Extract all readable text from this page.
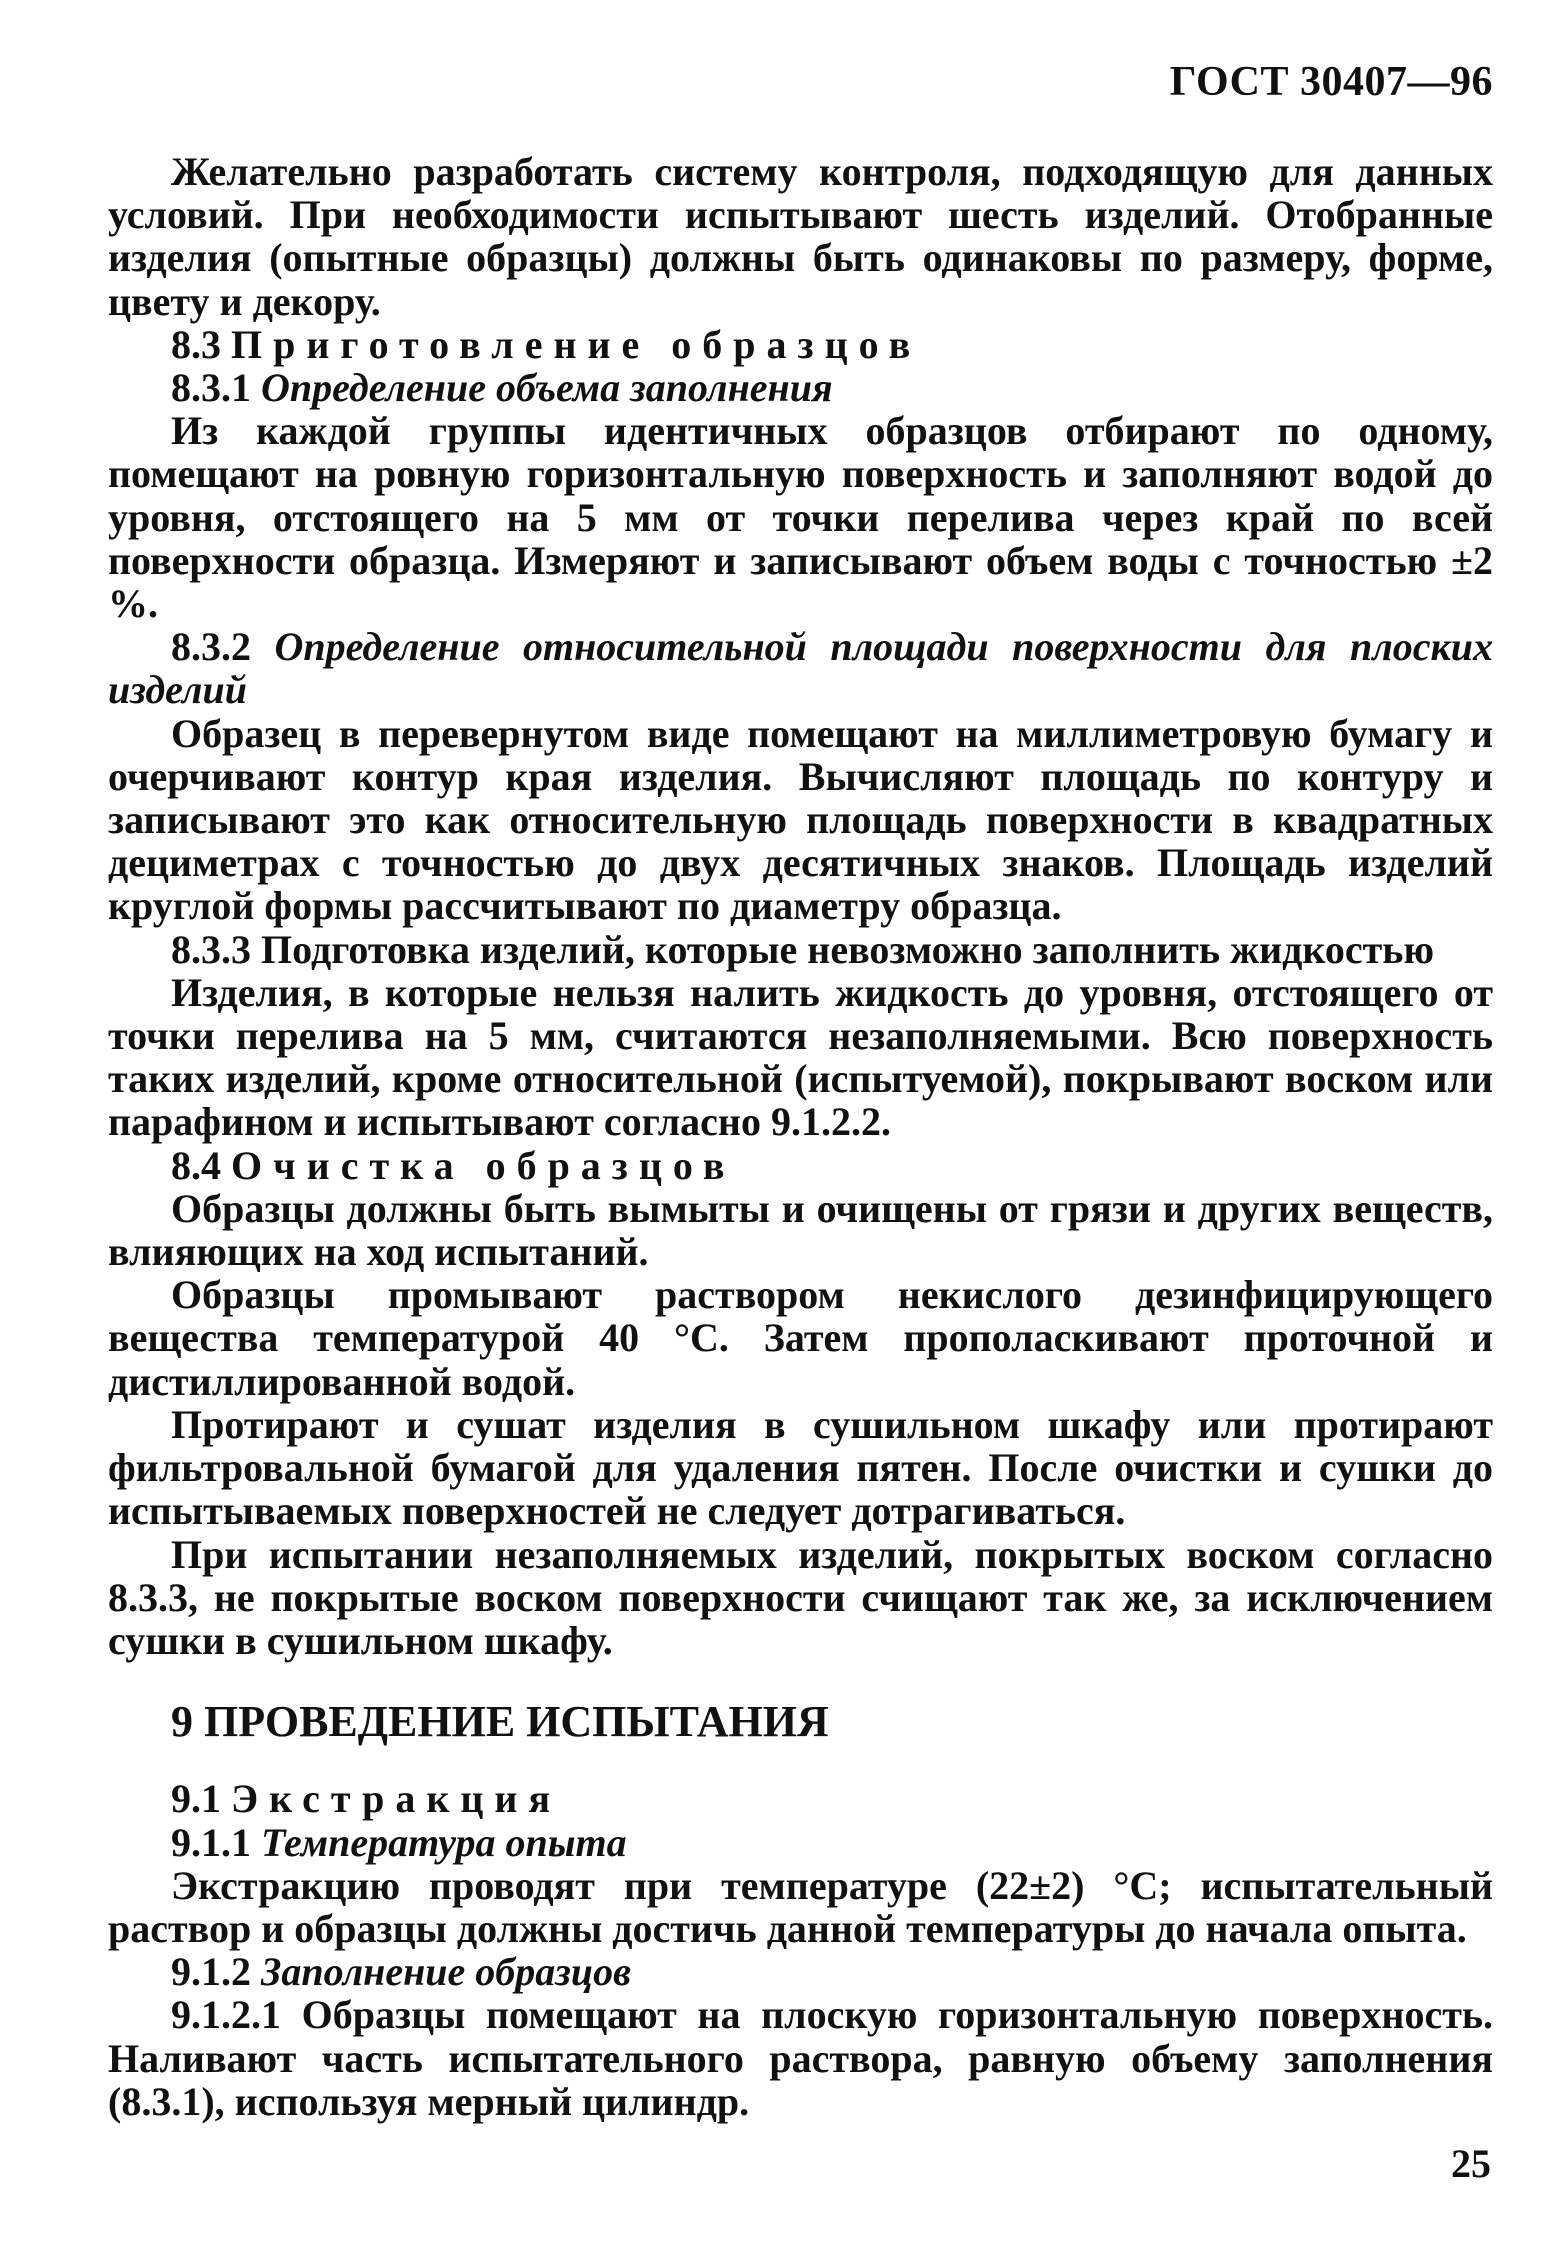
ГОСТ 30407—96

Желательно разработать систему контроля, подходящую для данных условий. При необходимости испытывают шесть изделий. Отобранные изделия (опытные образцы) должны быть одинаковы по размеру, форме, цвету и декору.

8.3 Приготовление образцов

8.3.1 Определение объема заполнения

Из каждой группы идентичных образцов отбирают по одному, помещают на ровную горизонтальную поверхность и заполняют водой до уровня, отстоящего на 5 мм от точки перелива через край по всей поверхности образца. Измеряют и записывают объем воды с точностью ±2 %.

8.3.2 Определение относительной площади поверхности для плоских изделий

Образец в перевернутом виде помещают на миллиметровую бумагу и очерчивают контур края изделия. Вычисляют площадь по контуру и записывают это как относительную площадь поверхности в квадратных дециметрах с точностью до двух десятичных знаков. Площадь изделий круглой формы рассчитывают по диаметру образца.

8.3.3 Подготовка изделий, которые невозможно заполнить жидкостью

Изделия, в которые нельзя налить жидкость до уровня, отстоящего от точки перелива на 5 мм, считаются незаполняемыми. Всю поверхность таких изделий, кроме относительной (испытуемой), покрывают воском или парафином и испытывают согласно 9.1.2.2.

8.4 Очистка образцов

Образцы должны быть вымыты и очищены от грязи и других веществ, влияющих на ход испытаний.

Образцы промывают раствором некислого дезинфицирующего вещества температурой 40 °С. Затем прополаскивают проточной и дистиллированной водой.

Протирают и сушат изделия в сушильном шкафу или протирают фильтровальной бумагой для удаления пятен. После очистки и сушки до испытываемых поверхностей не следует дотрагиваться.

При испытании незаполняемых изделий, покрытых воском согласно 8.3.3, не покрытые воском поверхности счищают так же, за исключением сушки в сушильном шкафу.

9 ПРОВЕДЕНИЕ ИСПЫТАНИЯ

9.1 Экстракция

9.1.1 Температура опыта

Экстракцию проводят при температуре (22±2) °С; испытательный раствор и образцы должны достичь данной температуры до начала опыта.

9.1.2 Заполнение образцов

9.1.2.1 Образцы помещают на плоскую горизонтальную поверхность. Наливают часть испытательного раствора, равную объему заполнения (8.3.1), используя мерный цилиндр.

25
